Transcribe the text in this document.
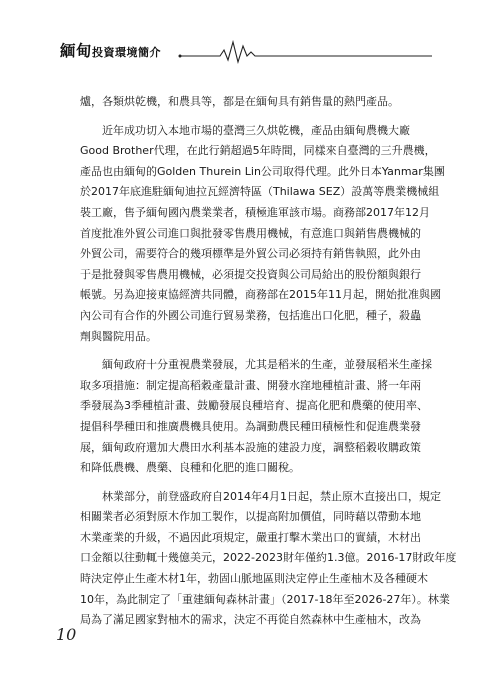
緬甸投資環境簡介
爐，各類烘乾機，和農具等，都是在緬甸具有銷售量的熱門產品。
近年成功切入本地市場的臺灣三久烘乾機，產品由緬甸農機大廠
Good Brother代理，在此行銷超過5年時間，同樣來自臺灣的三升農機，
產品也由緬甸的Golden Thurein Lin公司取得代理。此外日本Yanmar集團
於2017年底進駐緬甸迪拉瓦經濟特區（Thilawa SEZ）設萬等農業機械組
裝工廠，售予緬甸國內農業業者，積極進軍該市場。商務部2017年12月
首度批准外貿公司進口與批發零售農用機械，有意進口與銷售農機械的
外貿公司，需要符合的幾項標準是外貿公司必須持有銷售執照，此外由
于是批發與零售農用機械，必須提交投資與公司局給出的股份額與銀行
帳號。另為迎接東協經濟共同體，商務部在2015年11月起，開始批准與國
內公司有合作的外國公司進行貿易業務，包括進出口化肥，種子，殺蟲
劑與醫院用品。
緬甸政府十分重視農業發展，尤其是稻米的生產，並發展稻米生產採
取多項措施：制定提高稻穀產量計畫、開發水窪地種植計畫、將一年兩
季發展為3季種植計畫、鼓勵發展良種培育、提高化肥和農藥的使用率、
提倡科學種田和推廣農機具使用。為調動農民種田積極性和促進農業發
展，緬甸政府還加大農田水利基本設施的建設力度，調整稻穀收購政策
和降低農機、農藥、良種和化肥的進口關稅。
林業部分，前登盛政府自2014年4月1日起，禁止原木直接出口，規定
相關業者必須對原木作加工製作，以提高附加價值，同時藉以帶動本地
木業產業的升級，不過因此項規定，嚴重打擊木業出口的實績，木材出
口金額以往動輒十幾億美元，2022-2023財年僅約1.3億。2016-17財政年度
時決定停止生產木材1年，勃固山脈地區則決定停止生產柚木及各種硬木
10年，為此制定了「重建緬甸森林計畫」（2017-18年至2026-27年）。林業
局為了滿足國家對柚木的需求，決定不再從自然森林中生產柚木，改為
10
